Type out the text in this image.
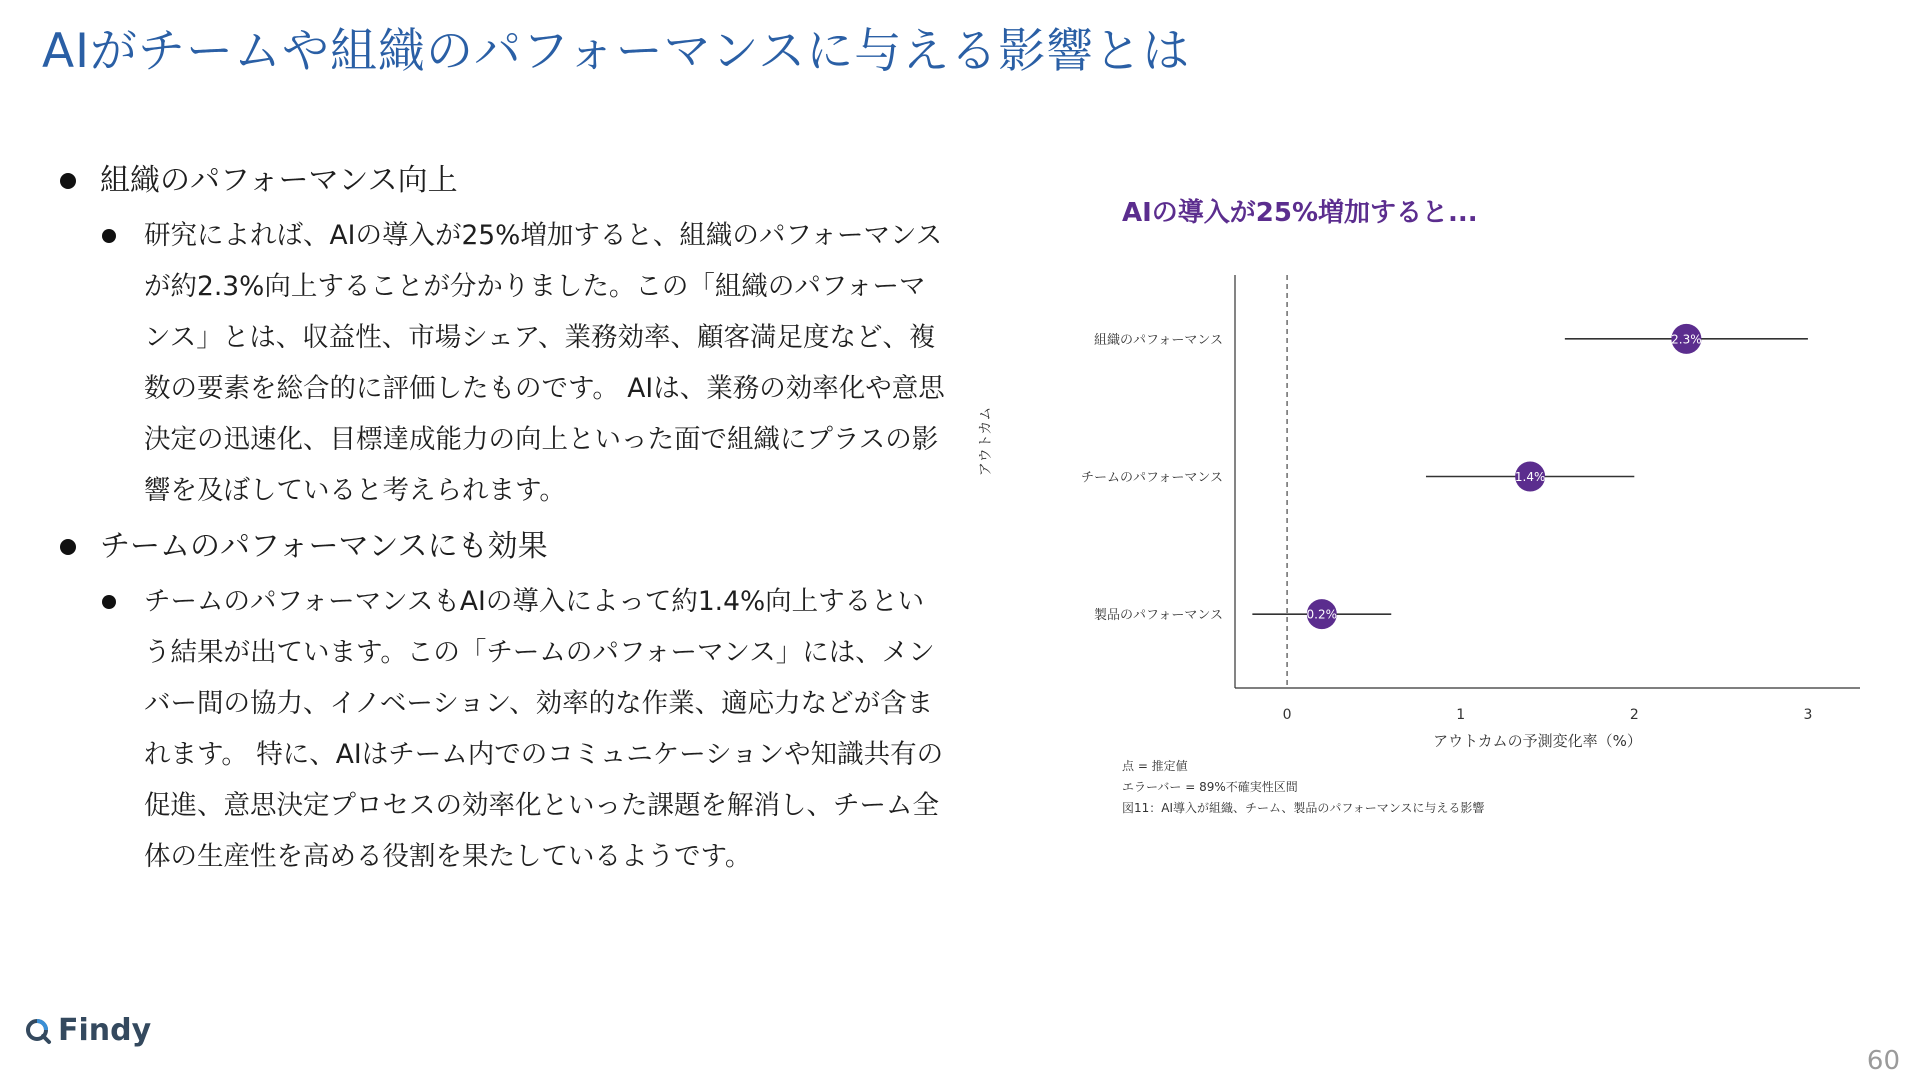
AIがチームや組織のパフォーマンスに与える影響とは
組織のパフォーマンス向上
研究によれば、AIの導入が25%増加すると、組織のパフォーマンスが約2.3%向上することが分かりました。この「組織のパフォーマンス」とは、収益性、市場シェア、業務効率、顧客満足度など、複数の要素を総合的に評価したものです。 AIは、業務の効率化や意思決定の迅速化、目標達成能力の向上といった面で組織にプラスの影響を及ぼしていると考えられます。
チームのパフォーマンスにも効果
チームのパフォーマンスもAIの導入によって約1.4%向上するという結果が出ています。この「チームのパフォーマンス」には、メンバー間の協力、イノベーション、効率的な作業、適応力などが含まれます。 特に、AIはチーム内でのコミュニケーションや知識共有の促進、意思決定プロセスの効率化といった課題を解消し、チーム全体の生産性を高める役割を果たしているようです。
AIの導入が25%増加すると...
0	1	2	3
アウトカムの予測変化率（%）
アウトカム
組織のパフォーマンス	2.3%
チームのパフォーマンス	1.4%
製品のパフォーマンス	0.2%
点 = 推定値
エラーバー = 89%不確実性区間
図11：AI導入が組織、チーム、製品のパフォーマンスに与える影響
Findy
60
